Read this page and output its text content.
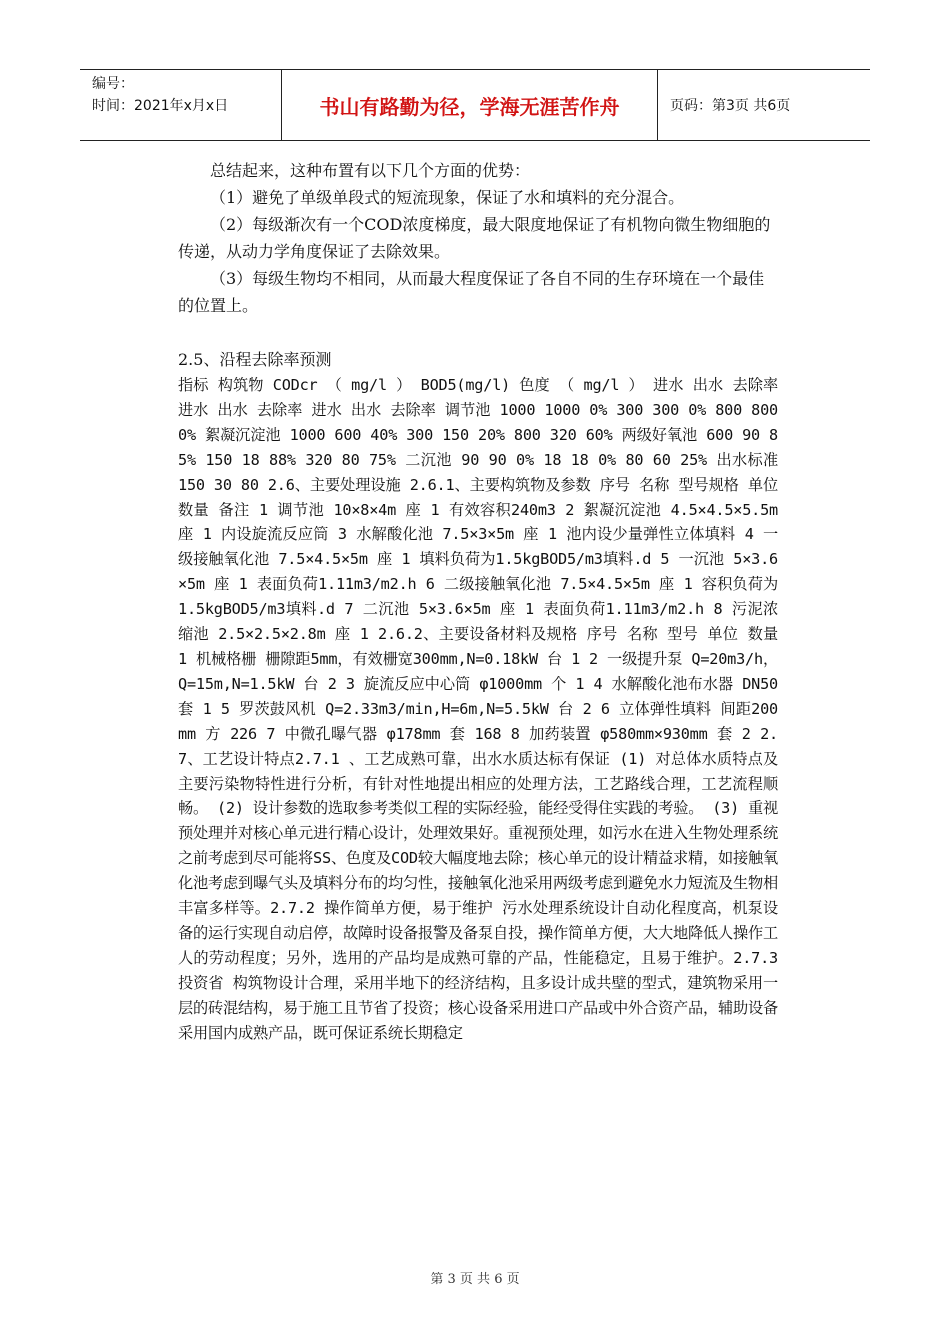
编号：
时间：2021年x月x日	书山有路勤为径，学海无涯苦作舟	页码：第3页 共6页

总结起来，这种布置有以下几个方面的优势：

（1）避免了单级单段式的短流现象，保证了水和填料的充分混合。

（2）每级渐次有一个COD浓度梯度，最大限度地保证了有机物向微生物细胞的传递，从动力学角度保证了去除效果。

（3）每级生物均不相同，从而最大程度保证了各自不同的生存环境在一个最佳的位置上。

2.5、沿程去除率预测

指标 构筑物 CODcr （ mg/l ） BOD5(mg/l) 色度 （ mg/l ） 进水 出水 去除率 进水 出水 去除率 进水 出水 去除率 调节池 1000 1000 0% 300 300 0% 800 800 0% 絮凝沉淀池 1000 600 40% 300 150 20% 800 320 60% 两级好氧池 600 90 85% 150 18 88% 320 80 75% 二沉池 90 90 0% 18 18 0% 80 60 25% 出水标准 150 30 80 2.6、主要处理设施 2.6.1、主要构筑物及参数 序号 名称 型号规格 单位 数量 备注 1 调节池 10×8×4m 座 1 有效容积240m3 2 絮凝沉淀池 4.5×4.5×5.5m 座 1 内设旋流反应筒 3 水解酸化池 7.5×3×5m 座 1 池内设少量弹性立体填料 4 一级接触氧化池 7.5×4.5×5m 座 1 填料负荷为1.5kgBOD5/m3填料.d 5 一沉池 5×3.6×5m 座 1 表面负荷1.11m3/m2.h 6 二级接触氧化池 7.5×4.5×5m 座 1 容积负荷为1.5kgBOD5/m3填料.d 7 二沉池 5×3.6×5m 座 1 表面负荷1.11m3/m2.h 8 污泥浓缩池 2.5×2.5×2.8m 座 1 2.6.2、主要设备材料及规格 序号 名称 型号 单位 数量 1 机械格栅 栅隙距5mm，有效栅宽300mm,N=0.18kW 台 1 2 一级提升泵 Q=20m3/h，Q=15m,N=1.5kW 台 2 3 旋流反应中心筒 φ1000mm 个 1 4 水解酸化池布水器 DN50 套 1 5 罗茨鼓风机 Q=2.33m3/min,H=6m,N=5.5kW 台 2 6 立体弹性填料 间距200mm 方 226 7 中微孔曝气器 φ178mm 套 168 8 加药装置 φ580mm×930mm 套 2 2.7、工艺设计特点2.7.1 、工艺成熟可靠，出水水质达标有保证 (1) 对总体水质特点及主要污染物特性进行分析，有针对性地提出相应的处理方法，工艺路线合理，工艺流程顺畅。 (2) 设计参数的选取参考类似工程的实际经验，能经受得住实践的考验。 (3) 重视预处理并对核心单元进行精心设计，处理效果好。重视预处理，如污水在进入生物处理系统之前考虑到尽可能将SS、色度及COD较大幅度地去除；核心单元的设计精益求精，如接触氧化池考虑到曝气头及填料分布的均匀性，接触氧化池采用两级考虑到避免水力短流及生物相丰富多样等。2.7.2 操作简单方便，易于维护 污水处理系统设计自动化程度高，机泵设备的运行实现自动启停，故障时设备报警及备泵自投，操作简单方便，大大地降低人操作工人的劳动程度；另外，选用的产品均是成熟可靠的产品，性能稳定，且易于维护。2.7.3 投资省 构筑物设计合理，采用半地下的经济结构，且多设计成共壁的型式，建筑物采用一层的砖混结构，易于施工且节省了投资；核心设备采用进口产品或中外合资产品，辅助设备采用国内成熟产品，既可保证系统长期稳定

第 3 页 共 6 页
